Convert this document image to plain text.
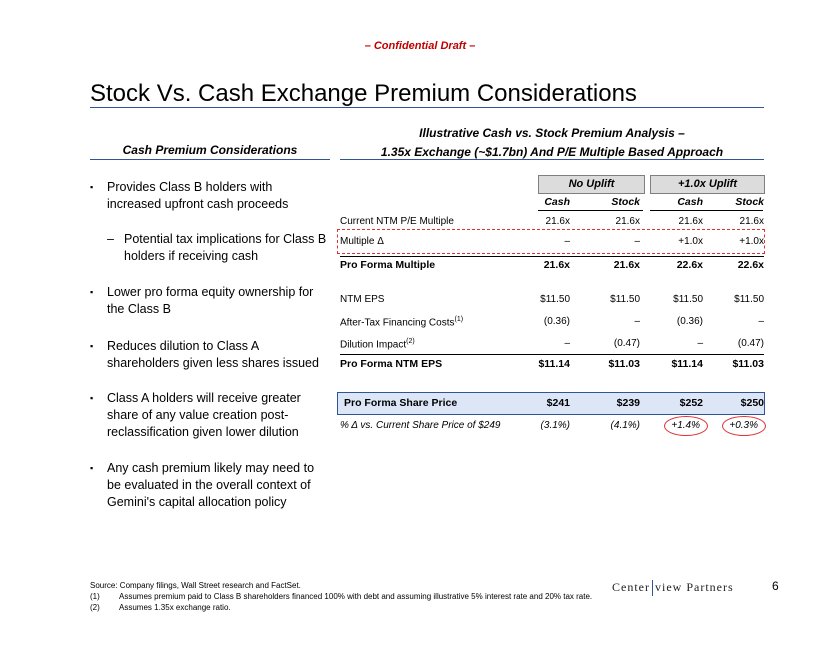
– Confidential Draft –
Stock Vs. Cash Exchange Premium Considerations
Cash Premium Considerations
Illustrative Cash vs. Stock Premium Analysis –
1.35x Exchange (~$1.7bn) And P/E Multiple Based Approach
▪	Provides Class B holders with increased upfront cash proceeds
– Potential tax implications for Class B holders if receiving cash
▪	Lower pro forma equity ownership for the Class B
▪	Reduces dilution to Class A shareholders given less shares issued
▪	Class A holders will receive greater share of any value creation post-reclassification given lower dilution
▪	Any cash premium likely may need to be evaluated in the overall context of Gemini's capital allocation policy
No Uplift	+1.0x Uplift
Cash	Stock	Cash	Stock
Current NTM P/E Multiple	21.6x	21.6x	21.6x	21.6x
Multiple Δ	–	–	+1.0x	+1.0x
Pro Forma Multiple	21.6x	21.6x	22.6x	22.6x
NTM EPS	$11.50	$11.50	$11.50	$11.50
After-Tax Financing Costs$^{(1)}$	(0.36)	–	(0.36)	–
Dilution Impact$^{(2)}$	–	(0.47)	–	(0.47)
Pro Forma NTM EPS	$11.14	$11.03	$11.14	$11.03
Pro Forma Share Price	$241	$239	$252	$250
% Δ vs. Current Share Price of $249	(3.1%)	(4.1%)	+1.4%	+0.3%
Source: Company filings, Wall Street research and FactSet.
(1) Assumes premium paid to Class B shareholders financed 100% with debt and assuming illustrative 5% interest rate and 20% tax rate.
(2) Assumes 1.35x exchange ratio.
Center view Partners	6
